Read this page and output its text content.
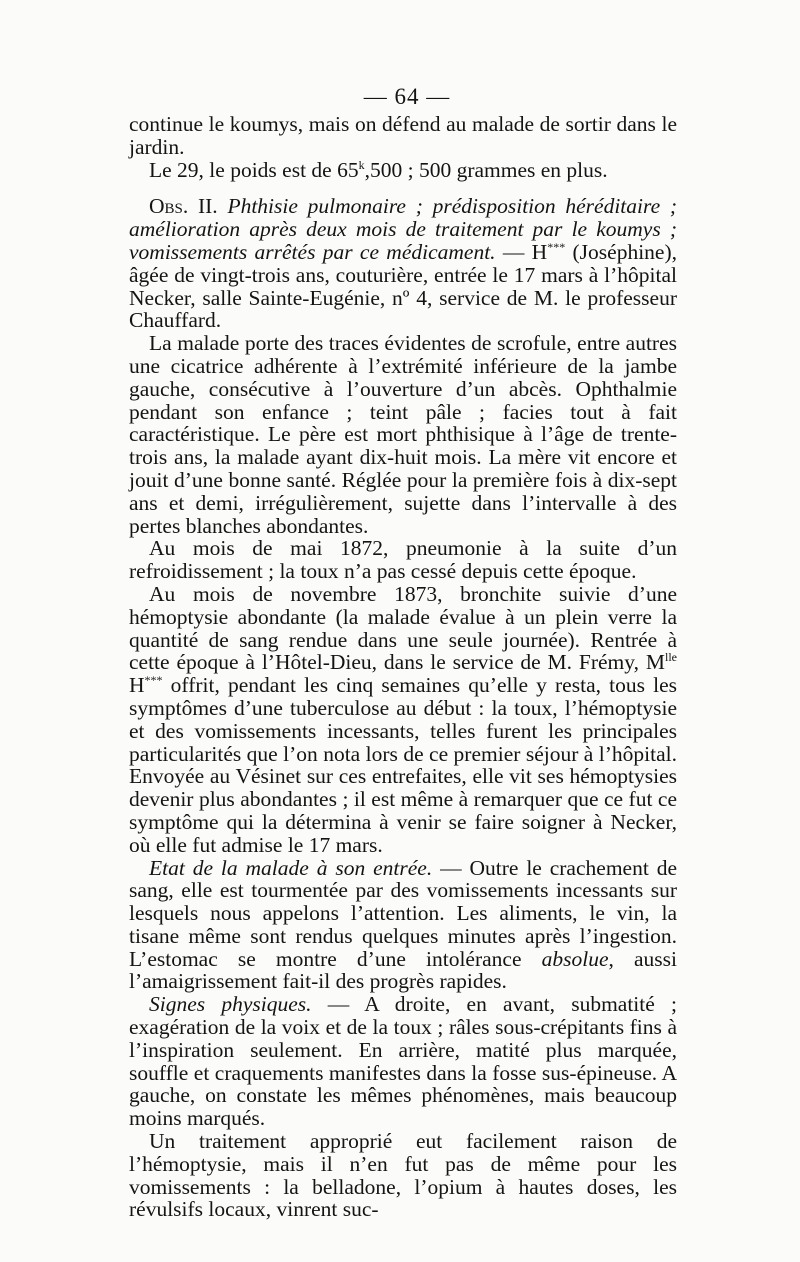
— 64 —

continue le koumys, mais on défend au malade de sortir dans le jardin.

Le 29, le poids est de 65$^k$,500 ; 500 grammes en plus.

Obs. II. Phthisie pulmonaire ; prédisposition héréditaire ; amélioration après deux mois de traitement par le koumys ; vomissements arrêtés par ce médicament. — H*** (Joséphine), âgée de vingt-trois ans, couturière, entrée le 17 mars à l’hôpital Necker, salle Sainte-Eugénie, nº 4, service de M. le professeur Chauffard.

La malade porte des traces évidentes de scrofule, entre autres une cicatrice adhérente à l’extrémité inférieure de la jambe gauche, consécutive à l’ouverture d’un abcès. Ophthalmie pendant son enfance ; teint pâle ; facies tout à fait caractéristique. Le père est mort phthisique à l’âge de trente-trois ans, la malade ayant dix-huit mois. La mère vit encore et jouit d’une bonne santé. Réglée pour la première fois à dix-sept ans et demi, irrégulièrement, sujette dans l’intervalle à des pertes blanches abondantes.

Au mois de mai 1872, pneumonie à la suite d’un refroidissement ; la toux n’a pas cessé depuis cette époque.

Au mois de novembre 1873, bronchite suivie d’une hémoptysie abondante (la malade évalue à un plein verre la quantité de sang rendue dans une seule journée). Rentrée à cette époque à l’Hôtel-Dieu, dans le service de M. Frémy, $M^{lle}$ H*** offrit, pendant les cinq semaines qu’elle y resta, tous les symptômes d’une tuberculose au début : la toux, l’hémoptysie et des vomissements incessants, telles furent les principales particularités que l’on nota lors de ce premier séjour à l’hôpital. Envoyée au Vésinet sur ces entrefaites, elle vit ses hémoptysies devenir plus abondantes ; il est même à remarquer que ce fut ce symptôme qui la détermina à venir se faire soigner à Necker, où elle fut admise le 17 mars.

Etat de la malade à son entrée. — Outre le crachement de sang, elle est tourmentée par des vomissements incessants sur lesquels nous appelons l’attention. Les aliments, le vin, la tisane même sont rendus quelques minutes après l’ingestion. L’estomac se montre d’une intolérance absolue, aussi l’amaigrissement fait-il des progrès rapides.

Signes physiques. — A droite, en avant, submatité ; exagération de la voix et de la toux ; râles sous-crépitants fins à l’inspiration seulement. En arrière, matité plus marquée, souffle et craquements manifestes dans la fosse sus-épineuse. A gauche, on constate les mêmes phénomènes, mais beaucoup moins marqués.

Un traitement approprié eut facilement raison de l’hémoptysie, mais il n’en fut pas de même pour les vomissements : la belladone, l’opium à hautes doses, les révulsifs locaux, vinrent suc-
